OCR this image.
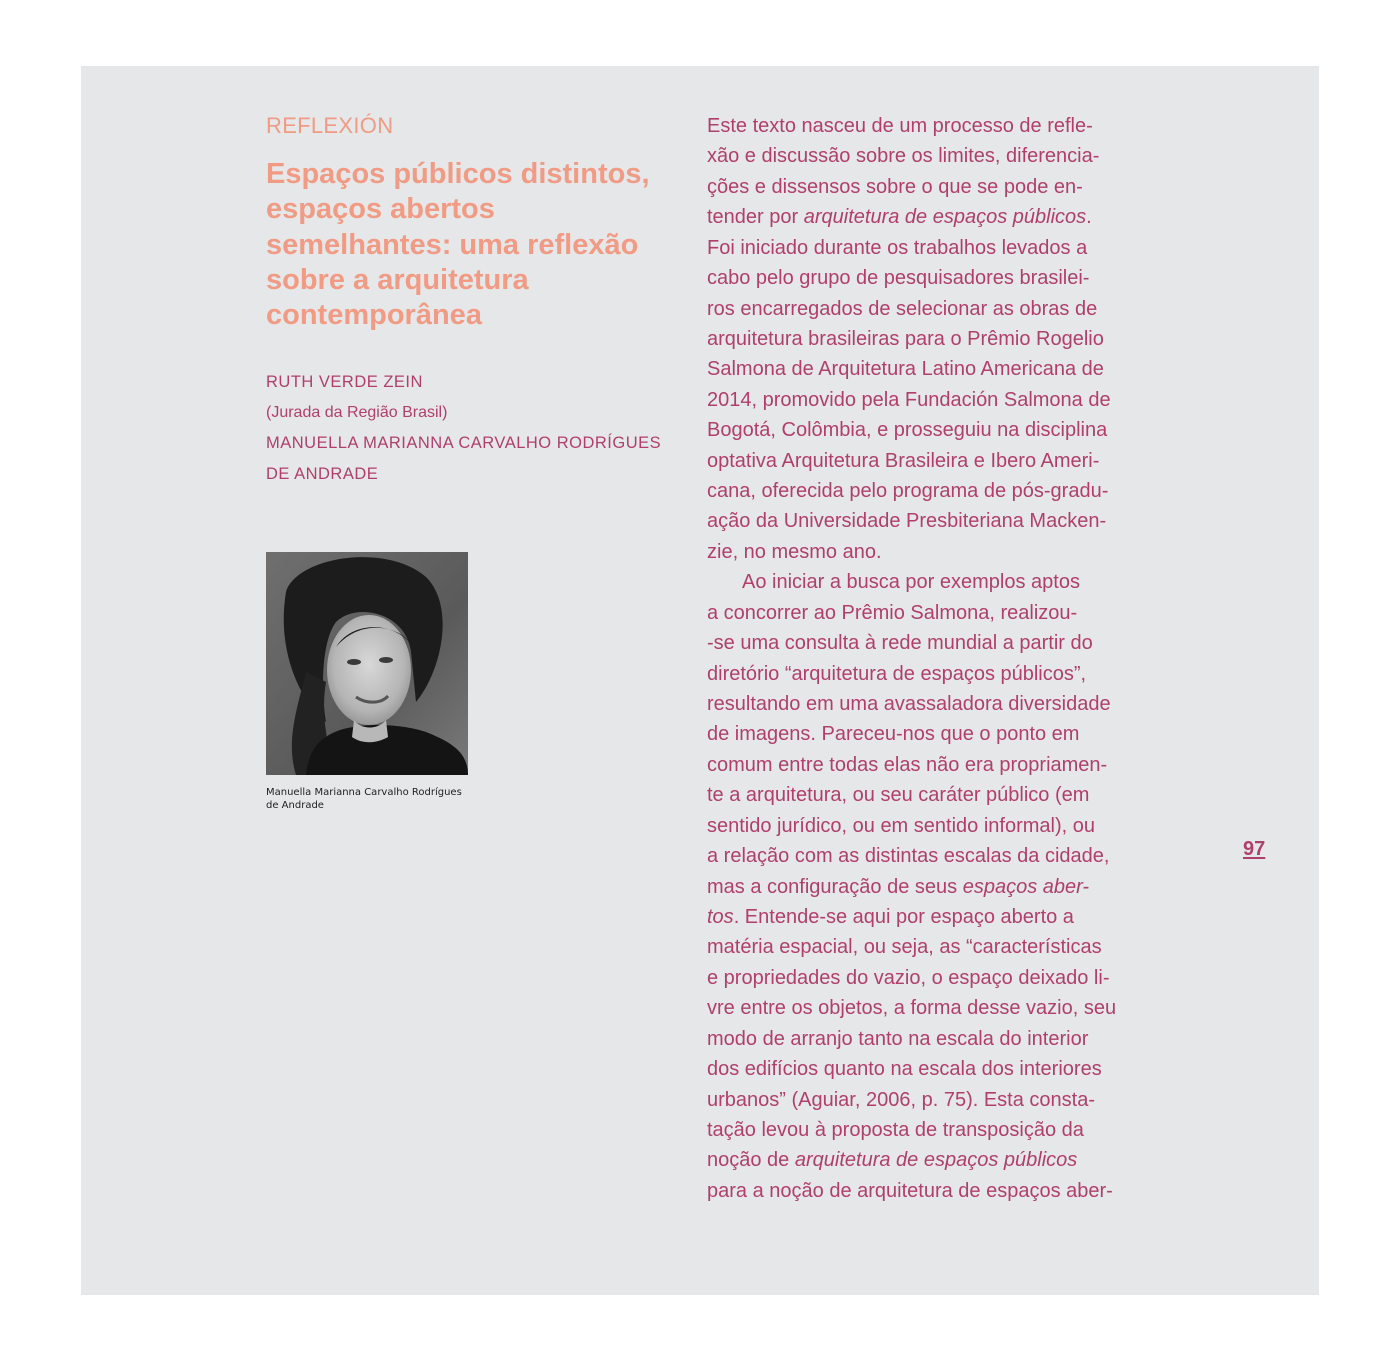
REFLEXIÓN

Espaços públicos distintos, espaços abertos semelhantes: uma reflexão sobre a arquitetura contemporânea
RUTH VERDE ZEIN
(Jurada da Região Brasil)
MANUELLA MARIANNA CARVALHO RODRÍGUES
DE ANDRADE
Manuella Marianna Carvalho Rodrígues
de Andrade
Este texto nasceu de um processo de refle-
xão e discussão sobre os limites, diferencia-
ções e dissensos sobre o que se pode en-
tender por arquitetura de espaços públicos.
Foi iniciado durante os trabalhos levados a
cabo pelo grupo de pesquisadores brasilei-
ros encarregados de selecionar as obras de
arquitetura brasileiras para o Prêmio Rogelio
Salmona de Arquitetura Latino Americana de
2014, promovido pela Fundación Salmona de
Bogotá, Colômbia, e prosseguiu na disciplina
optativa Arquitetura Brasileira e Ibero Ameri-
cana, oferecida pelo programa de pós-gradu-
ação da Universidade Presbiteriana Macken-
zie, no mesmo ano.
Ao iniciar a busca por exemplos aptos
a concorrer ao Prêmio Salmona, realizou-
-se uma consulta à rede mundial a partir do
diretório “arquitetura de espaços públicos”,
resultando em uma avassaladora diversidade
de imagens. Pareceu-nos que o ponto em
comum entre todas elas não era propriamen-
te a arquitetura, ou seu caráter público (em
sentido jurídico, ou em sentido informal), ou
a relação com as distintas escalas da cidade,
mas a configuração de seus espaços aber-
tos. Entende-se aqui por espaço aberto a
matéria espacial, ou seja, as “características
e propriedades do vazio, o espaço deixado li-
vre entre os objetos, a forma desse vazio, seu
modo de arranjo tanto na escala do interior
dos edifícios quanto na escala dos interiores
urbanos” (Aguiar, 2006, p. 75). Esta consta-
tação levou à proposta de transposição da
noção de arquitetura de espaços públicos
para a noção de arquitetura de espaços aber-
97
